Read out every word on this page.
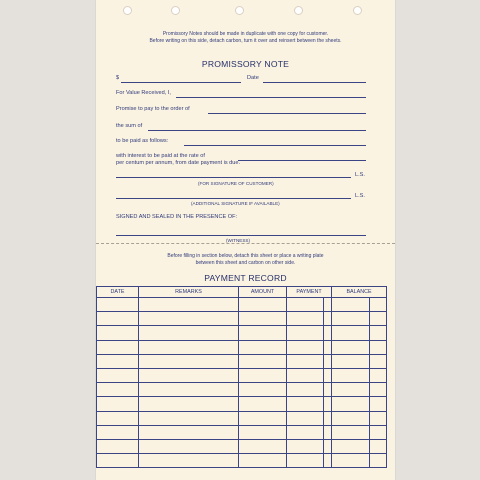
Promissory Notes should be made in duplicate with one copy for customer.
Before writing on this side, detach carbon, turn it over and reinsert between the sheets.
PROMISSORY NOTE
$	Date
For Value Received, I,
Promise to pay to the order of
the sum of
to be paid as follows:
with interest to be paid at the rate of
per centum per annum, from date payment is due.
L.S.
(FOR SIGNATURE OF CUSTOMER)
L.S.
(ADDITIONAL SIGNATURE IF AVAILABLE)
SIGNED AND SEALED IN THE PRESENCE OF:
(WITNESS)
Before filling in section below, detach this sheet or place a writing plate
between this sheet and carbon on other side.
PAYMENT RECORD
DATE	REMARKS	AMOUNT	PAYMENT		BALANCE	
